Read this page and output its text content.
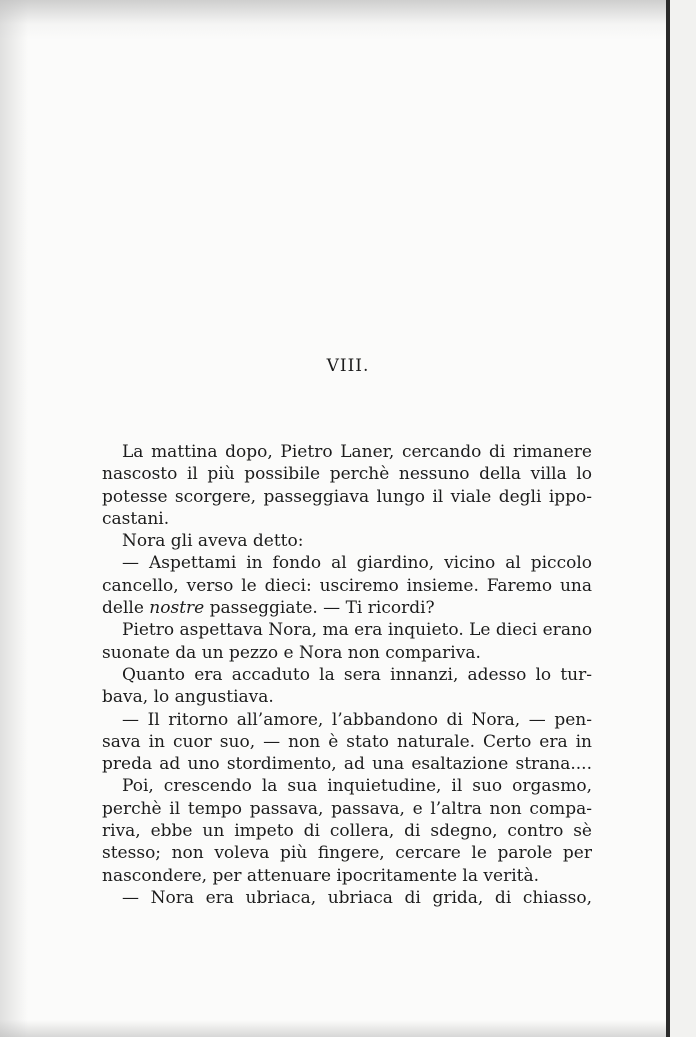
VIII.
La mattina dopo, Pietro Laner, cercando di rimanere
nascosto il più possibile perchè nessuno della villa lo
potesse scorgere, passeggiava lungo il viale degli ippo-
castani.
Nora gli aveva detto:
— Aspettami in fondo al giardino, vicino al piccolo
cancello, verso le dieci: usciremo insieme. Faremo una
delle nostre passeggiate. — Ti ricordi?
Pietro aspettava Nora, ma era inquieto. Le dieci erano
suonate da un pezzo e Nora non compariva.
Quanto era accaduto la sera innanzi, adesso lo tur-
bava, lo angustiava.
— Il ritorno all’amore, l’abbandono di Nora, — pen-
sava in cuor suo, — non è stato naturale. Certo era in
preda ad uno stordimento, ad una esaltazione strana....
Poi, crescendo la sua inquietudine, il suo orgasmo,
perchè il tempo passava, passava, e l’altra non compa-
riva, ebbe un impeto di collera, di sdegno, contro sè
stesso; non voleva più fingere, cercare le parole per
nascondere, per attenuare ipocritamente la verità.
— Nora era ubriaca, ubriaca di grida, di chiasso,
